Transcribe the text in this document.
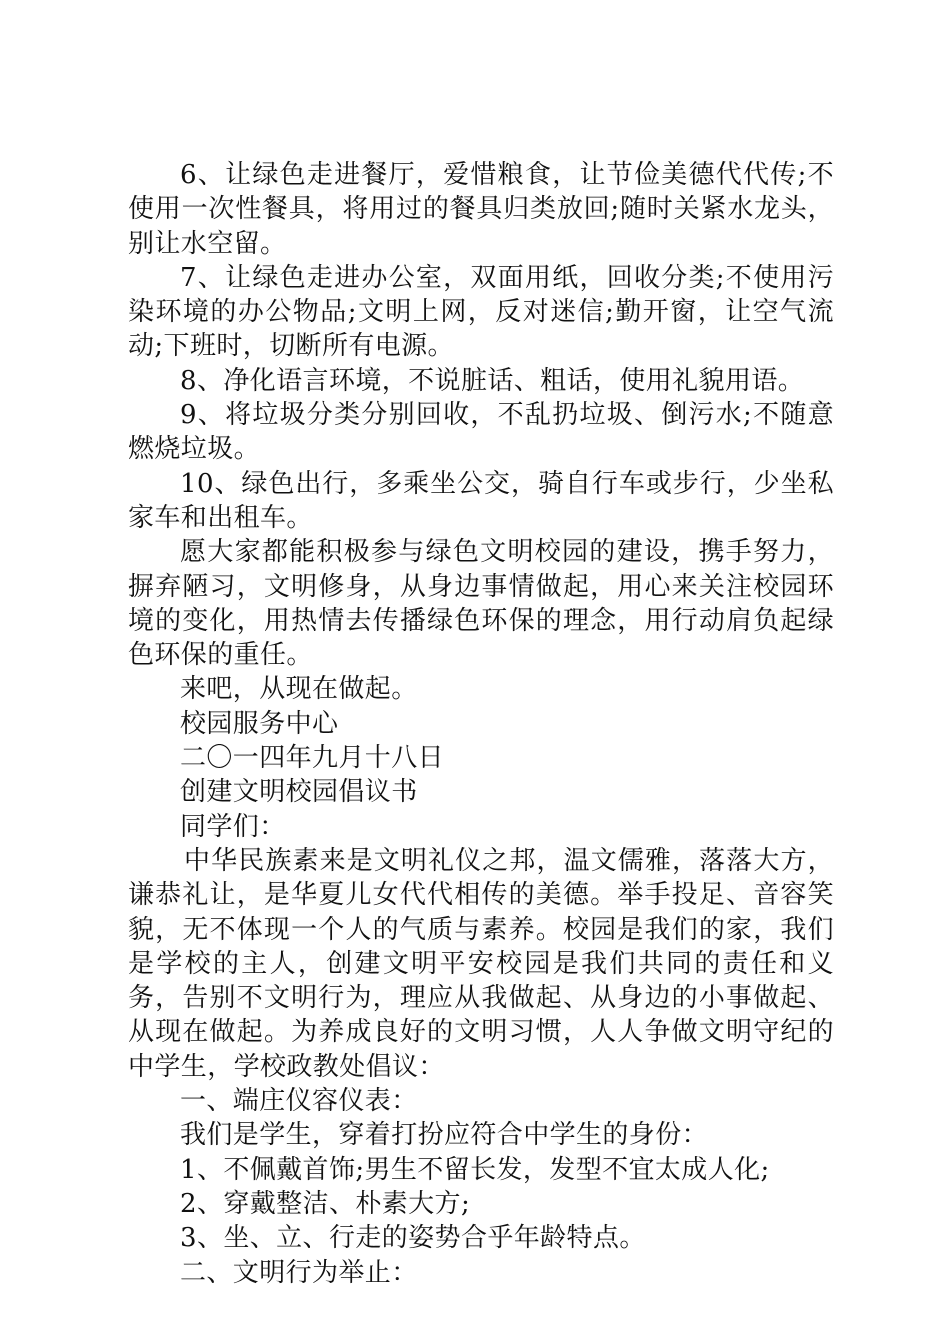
6、让绿色走进餐厅，爱惜粮食，让节俭美德代代传;不使用一次性餐具，将用过的餐具归类放回;随时关紧水龙头，别让水空留。

7、让绿色走进办公室，双面用纸，回收分类;不使用污染环境的办公物品;文明上网，反对迷信;勤开窗，让空气流动;下班时，切断所有电源。

8、净化语言环境，不说脏话、粗话，使用礼貌用语。

9、将垃圾分类分别回收，不乱扔垃圾、倒污水;不随意燃烧垃圾。

10、绿色出行，多乘坐公交，骑自行车或步行，少坐私家车和出租车。

愿大家都能积极参与绿色文明校园的建设，携手努力，摒弃陋习，文明修身，从身边事情做起，用心来关注校园环境的变化，用热情去传播绿色环保的理念，用行动肩负起绿色环保的重任。

来吧，从现在做起。

校园服务中心

二〇一四年九月十八日

创建文明校园倡议书

同学们：

中华民族素来是文明礼仪之邦，温文儒雅，落落大方，谦恭礼让，是华夏儿女代代相传的美德。举手投足、音容笑貌，无不体现一个人的气质与素养。校园是我们的家，我们是学校的主人，创建文明平安校园是我们共同的责任和义务，告别不文明行为，理应从我做起、从身边的小事做起、从现在做起。为养成良好的文明习惯，人人争做文明守纪的中学生，学校政教处倡议：

一、端庄仪容仪表：

我们是学生，穿着打扮应符合中学生的身份：

1、不佩戴首饰;男生不留长发，发型不宜太成人化;

2、穿戴整洁、朴素大方;

3、坐、立、行走的姿势合乎年龄特点。

二、文明行为举止：
